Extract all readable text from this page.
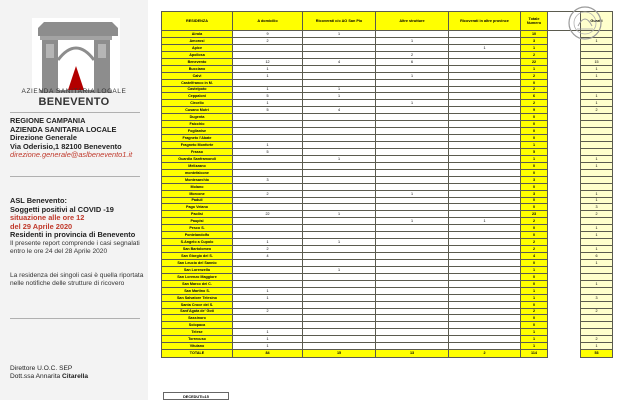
AZIENDA SANITARIA LOCALE
BENEVENTO
REGIONE CAMPANIA
AZIENDA SANITARIA LOCALE
Direzione Generale
Via Oderisio,1 82100 Benevento
direzione.generale@aslbenevento1.it
ASL Benevento:
Soggetti positivi al COVID -19
situazione alle ore 12
del 29 Aprile 2020
Residenti in provincia di Benevento
Il presente report comprende i casi segnalati entro le ore 24 del 28 Aprile 2020
La residenza dei singoli casi è quella riportata nelle notifiche delle strutture di ricovero
Direttore U.O.C. SEP
Dott.ssa Annarita Citarella
RESIDENZA	A domicilio	Ricoverati c/o AO San Pio	Altre strutture	Ricoverati in altre province	Totale Numero		Guariti
Airola	9	1			10		
Amorosi	2		1		3		1
Apice				1	1		
Apollosa			2		2		
Benevento	12	4	6		22		15
Bucciano	1				1		1
Calvi	1		1		2		1
Castelfranco in M.					0		
Castelpoto	1	1			2		
Ceppaloni	5	1			6		1
Circello	1		1		2		1
Cusano Mutri	5	4			9		2
Dugenta					0		
Faicchio					0		
Foglianise					0		
Fragneto l'Abate					0		
Fragneto Monforte	1				1		
Frasso	5				5		
Guardia Sanframondi		1			1		1
Melizzano					0		1
montefalcone					0		
Montesarchio	3				3		
Molano					0		
Morcone	2		1		3		1
Paduli					0		1
Pago Veiano					0		3
Paolisi	22	1			23		2
Paupisi			1	1	2		
Pesco S.					0		1
Pontelandolfo					0		1
S.Angelo a Cupolo	1	1			2		
San Bartolomeo	2				2		1
San Giorgio del S.	4				4		6
San Leucio del Sannio					0		1
San Lorenzello		1			1		
San Lorenzo Maggiore					0		
San Marco dei C.					0		1
San Martino S.	1				1		
San Salvatore Telesino	1				1		3
Santa Croce del S.					0		
Sant'Agata de' Goti	2				2		2
Sassinoro					0		
Solopaca					0		
Telese	1				1		
Torrecuso	1				1		2
Vitulano	1				1		1
TOTALE	84	15	13	2	114		53
DECEDUTI=15
